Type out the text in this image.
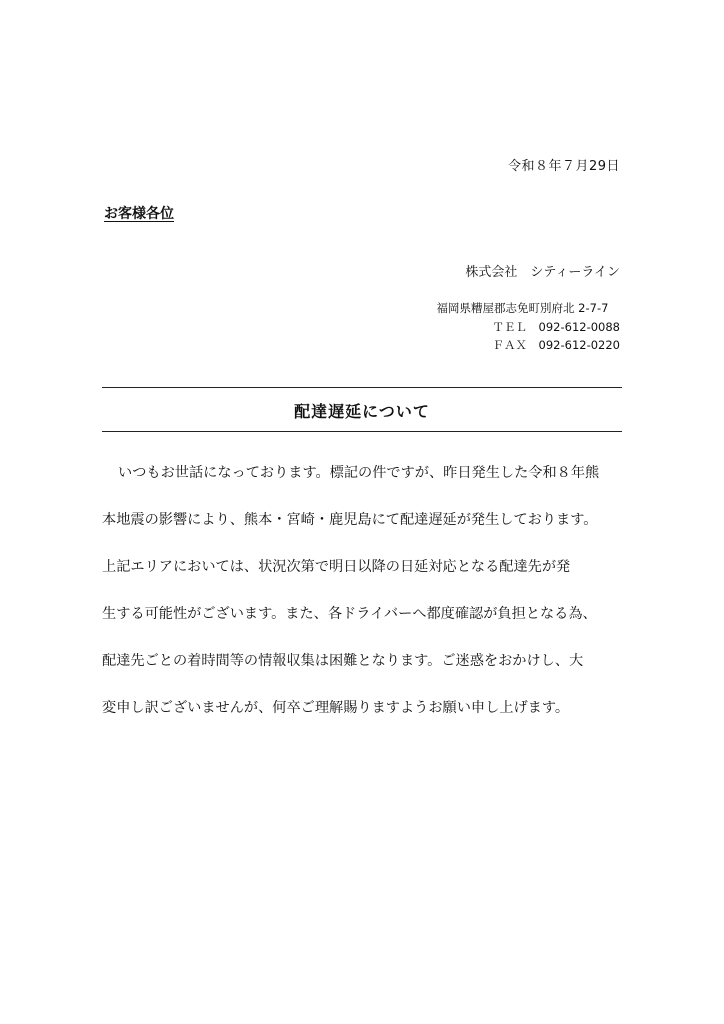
令和８年７月29日
お客様各位
株式会社　シティーライン
福岡県糟屋郡志免町別府北 2-7-7
ＴＥＬ　092-612-0088
ＦＡＸ　092-612-0220
配達遅延について
いつもお世話になっております。標記の件ですが、昨日発生した令和８年熊
本地震の影響により、熊本・宮崎・鹿児島にて配達遅延が発生しております。
上記エリアにおいては、状況次第で明日以降の日延対応となる配達先が発
生する可能性がございます。また、各ドライバーへ都度確認が負担となる為、
配達先ごとの着時間等の情報収集は困難となります。ご迷惑をおかけし、大
変申し訳ございませんが、何卒ご理解賜りますようお願い申し上げます。
